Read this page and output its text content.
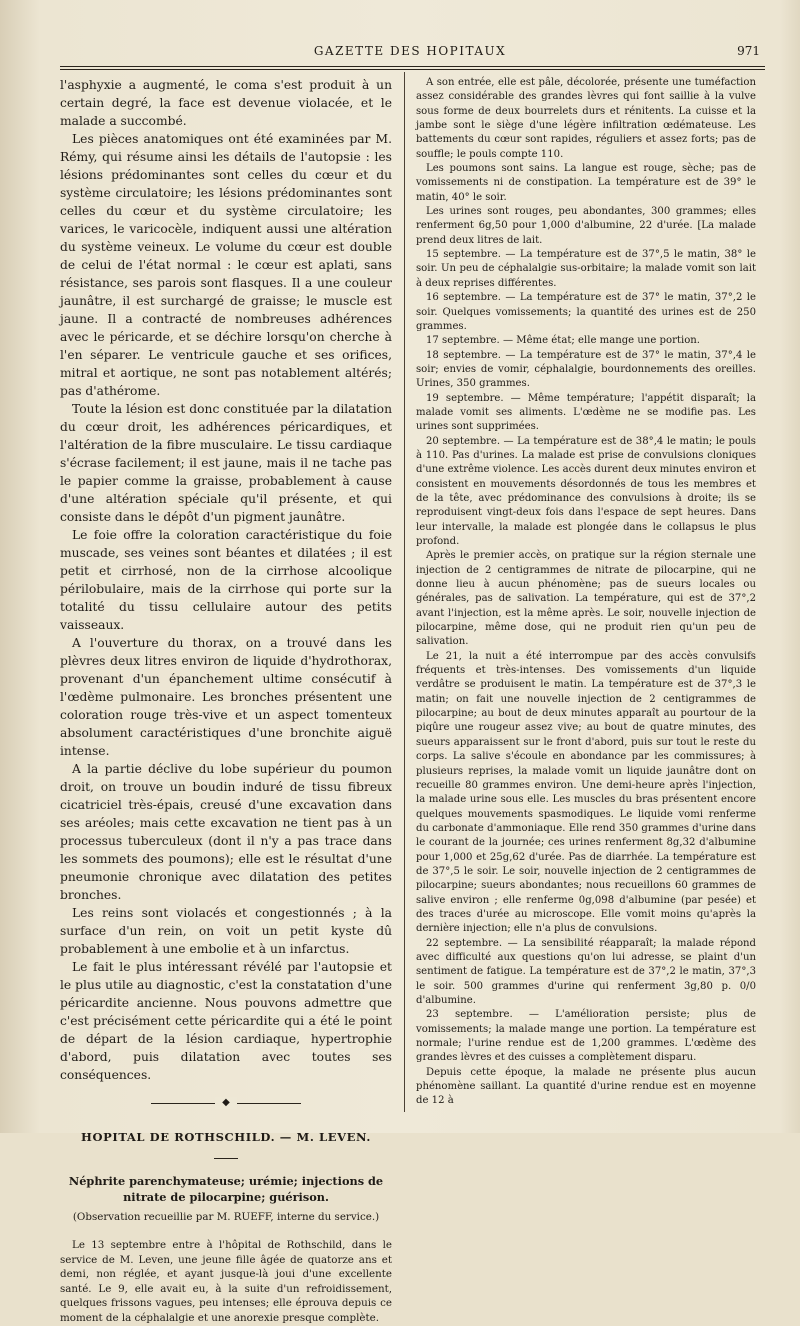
GAZETTE DES HOPITAUX	971

l'asphyxie a augmenté, le coma s'est produit à un certain degré, la face est devenue violacée, et le malade a succombé.

Les pièces anatomiques ont été examinées par M. Rémy, qui résume ainsi les détails de l'autopsie : les lésions prédominantes sont celles du cœur et du système circulatoire; les lésions prédominantes sont celles du cœur et du système circulatoire; les varices, le varicocèle, indiquent aussi une altération du système veineux. Le volume du cœur est double de celui de l'état normal : le cœur est aplati, sans résistance, ses parois sont flasques. Il a une couleur jaunâtre, il est surchargé de graisse; le muscle est jaune. Il a contracté de nombreuses adhérences avec le péricarde, et se déchire lorsqu'on cherche à l'en séparer. Le ventricule gauche et ses orifices, mitral et aortique, ne sont pas notablement altérés; pas d'athérome.

Toute la lésion est donc constituée par la dilatation du cœur droit, les adhérences péricardiques, et l'altération de la fibre musculaire. Le tissu cardiaque s'écrase facilement; il est jaune, mais il ne tache pas le papier comme la graisse, probablement à cause d'une altération spéciale qu'il présente, et qui consiste dans le dépôt d'un pigment jaunâtre.

Le foie offre la coloration caractéristique du foie muscade, ses veines sont béantes et dilatées ; il est petit et cirrhosé, non de la cirrhose alcoolique périlobulaire, mais de la cirrhose qui porte sur la totalité du tissu cellulaire autour des petits vaisseaux.

A l'ouverture du thorax, on a trouvé dans les plèvres deux litres environ de liquide d'hydrothorax, provenant d'un épanchement ultime consécutif à l'œdème pulmonaire. Les bronches présentent une coloration rouge très-vive et un aspect tomenteux absolument caractéristiques d'une bronchite aiguë intense.

A la partie déclive du lobe supérieur du poumon droit, on trouve un boudin induré de tissu fibreux cicatriciel très-épais, creusé d'une excavation dans ses aréoles; mais cette excavation ne tient pas à un processus tuberculeux (dont il n'y a pas trace dans les sommets des poumons); elle est le résultat d'une pneumonie chronique avec dilatation des petites bronches.

Les reins sont violacés et congestionnés ; à la surface d'un rein, on voit un petit kyste dû probablement à une embolie et à un infarctus.

Le fait le plus intéressant révélé par l'autopsie et le plus utile au diagnostic, c'est la constatation d'une péricardite ancienne. Nous pouvons admettre que c'est précisément cette péricardite qui a été le point de départ de la lésion cardiaque, hypertrophie d'abord, puis dilatation avec toutes ses conséquences.

◆
HOPITAL DE ROTHSCHILD. — M. LEVEN.
Néphrite parenchymateuse; urémie; injections de nitrate de pilocarpine; guérison.
(Observation recueillie par M. RUEFF, interne du service.)

Le 13 septembre entre à l'hôpital de Rothschild, dans le service de M. Leven, une jeune fille âgée de quatorze ans et demi, non réglée, et ayant jusque-là joui d'une excellente santé. Le 9, elle avait eu, à la suite d'un refroidissement, quelques frissons vagues, peu intenses; elle éprouva depuis ce moment de la céphalalgie et une anorexie presque complète.

A son entrée, elle est pâle, décolorée, présente une tuméfaction assez considérable des grandes lèvres qui font saillie à la vulve sous forme de deux bourrelets durs et rénitents. La cuisse et la jambe sont le siège d'une légère infiltration œdémateuse. Les battements du cœur sont rapides, réguliers et assez forts; pas de souffle; le pouls compte 110.

Les poumons sont sains. La langue est rouge, sèche; pas de vomissements ni de constipation. La température est de 39° le matin, 40° le soir.

Les urines sont rouges, peu abondantes, 300 grammes; elles renferment 6g,50 pour 1,000 d'albumine, 22 d'urée. [La malade prend deux litres de lait.

15 septembre. — La température est de 37°,5 le matin, 38° le soir. Un peu de céphalalgie sus-orbitaire; la malade vomit son lait à deux reprises différentes.

16 septembre. — La température est de 37° le matin, 37°,2 le soir. Quelques vomissements; la quantité des urines est de 250 grammes.

17 septembre. — Même état; elle mange une portion.

18 septembre. — La température est de 37° le matin, 37°,4 le soir; envies de vomir, céphalalgie, bourdonnements des oreilles. Urines, 350 grammes.

19 septembre. — Même température; l'appétit disparaît; la malade vomit ses aliments. L'œdème ne se modifie pas. Les urines sont supprimées.

20 septembre. — La température est de 38°,4 le matin; le pouls à 110. Pas d'urines. La malade est prise de convulsions cloniques d'une extrême violence. Les accès durent deux minutes environ et consistent en mouvements désordonnés de tous les membres et de la tête, avec prédominance des convulsions à droite; ils se reproduisent vingt-deux fois dans l'espace de sept heures. Dans leur intervalle, la malade est plongée dans le collapsus le plus profond.

Après le premier accès, on pratique sur la région sternale une injection de 2 centigrammes de nitrate de pilocarpine, qui ne donne lieu à aucun phénomène; pas de sueurs locales ou générales, pas de salivation. La température, qui est de 37°,2 avant l'injection, est la même après. Le soir, nouvelle injection de pilocarpine, même dose, qui ne produit rien qu'un peu de salivation.

Le 21, la nuit a été interrompue par des accès convulsifs fréquents et très-intenses. Des vomissements d'un liquide verdâtre se produisent le matin. La température est de 37°,3 le matin; on fait une nouvelle injection de 2 centigrammes de pilocarpine; au bout de deux minutes apparaît au pourtour de la piqûre une rougeur assez vive; au bout de quatre minutes, des sueurs apparaissent sur le front d'abord, puis sur tout le reste du corps. La salive s'écoule en abondance par les commissures; à plusieurs reprises, la malade vomit un liquide jaunâtre dont on recueille 80 grammes environ. Une demi-heure après l'injection, la malade urine sous elle. Les muscles du bras présentent encore quelques mouvements spasmodiques. Le liquide vomi renferme du carbonate d'ammoniaque. Elle rend 350 grammes d'urine dans le courant de la journée; ces urines renferment 8g,32 d'albumine pour 1,000 et 25g,62 d'urée. Pas de diarrhée. La température est de 37°,5 le soir. Le soir, nouvelle injection de 2 centigrammes de pilocarpine; sueurs abondantes; nous recueillons 60 grammes de salive environ ; elle renferme 0g,098 d'albumine (par pesée) et des traces d'urée au microscope. Elle vomit moins qu'après la dernière injection; elle n'a plus de convulsions.

22 septembre. — La sensibilité réapparaît; la malade répond avec difficulté aux questions qu'on lui adresse, se plaint d'un sentiment de fatigue. La température est de 37°,2 le matin, 37°,3 le soir. 500 grammes d'urine qui renferment 3g,80 p. 0/0 d'albumine.

23 septembre. — L'amélioration persiste; plus de vomissements; la malade mange une portion. La température est normale; l'urine rendue est de 1,200 grammes. L'œdème des grandes lèvres et des cuisses a complètement disparu.

Depuis cette époque, la malade ne présente plus aucun phénomène saillant. La quantité d'urine rendue est en moyenne de 12 à
